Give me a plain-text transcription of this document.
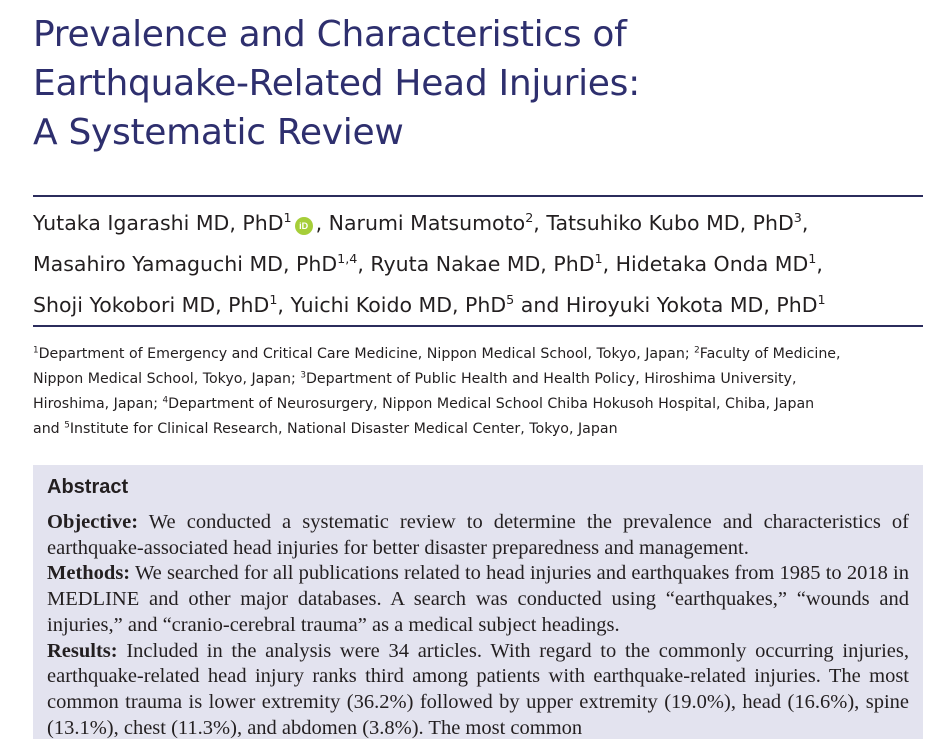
Prevalence and Characteristics of
Earthquake-Related Head Injuries:
A Systematic Review
Yutaka Igarashi MD, PhD$^1$iD , Narumi Matsumoto$^2$, Tatsuhiko Kubo MD, PhD$^3$,
Masahiro Yamaguchi MD, PhD$^{1,4}$, Ryuta Nakae MD, PhD$^1$, Hidetaka Onda $MD^1$,
Shoji Yokobori MD, PhD$^1$, Yuichi Koido MD, PhD$^5$ and Hiroyuki Yokota MD, PhD$^1$
$^1$Department of Emergency and Critical Care Medicine, Nippon Medical School, Tokyo, Japan; $^2$Faculty of Medicine,
Nippon Medical School, Tokyo, Japan; $^3$Department of Public Health and Health Policy, Hiroshima University,
Hiroshima, Japan; $^4$Department of Neurosurgery, Nippon Medical School Chiba Hokusoh Hospital, Chiba, Japan
and $^5$Institute for Clinical Research, National Disaster Medical Center, Tokyo, Japan
Abstract

Objective: We conducted a systematic review to determine the prevalence and characteristics of earthquake-associated head injuries for better disaster preparedness and management.

Methods: We searched for all publications related to head injuries and earthquakes from 1985 to 2018 in MEDLINE and other major databases. A search was conducted using “earthquakes,” “wounds and injuries,” and “cranio-cerebral trauma” as a medical subject headings.

Results: Included in the analysis were 34 articles. With regard to the commonly occurring injuries, earthquake-related head injury ranks third among patients with earthquake-related injuries. The most common trauma is lower extremity (36.2%) followed by upper extremity (19.0%), head (16.6%), spine (13.1%), chest (11.3%), and abdomen (3.8%). The most common
